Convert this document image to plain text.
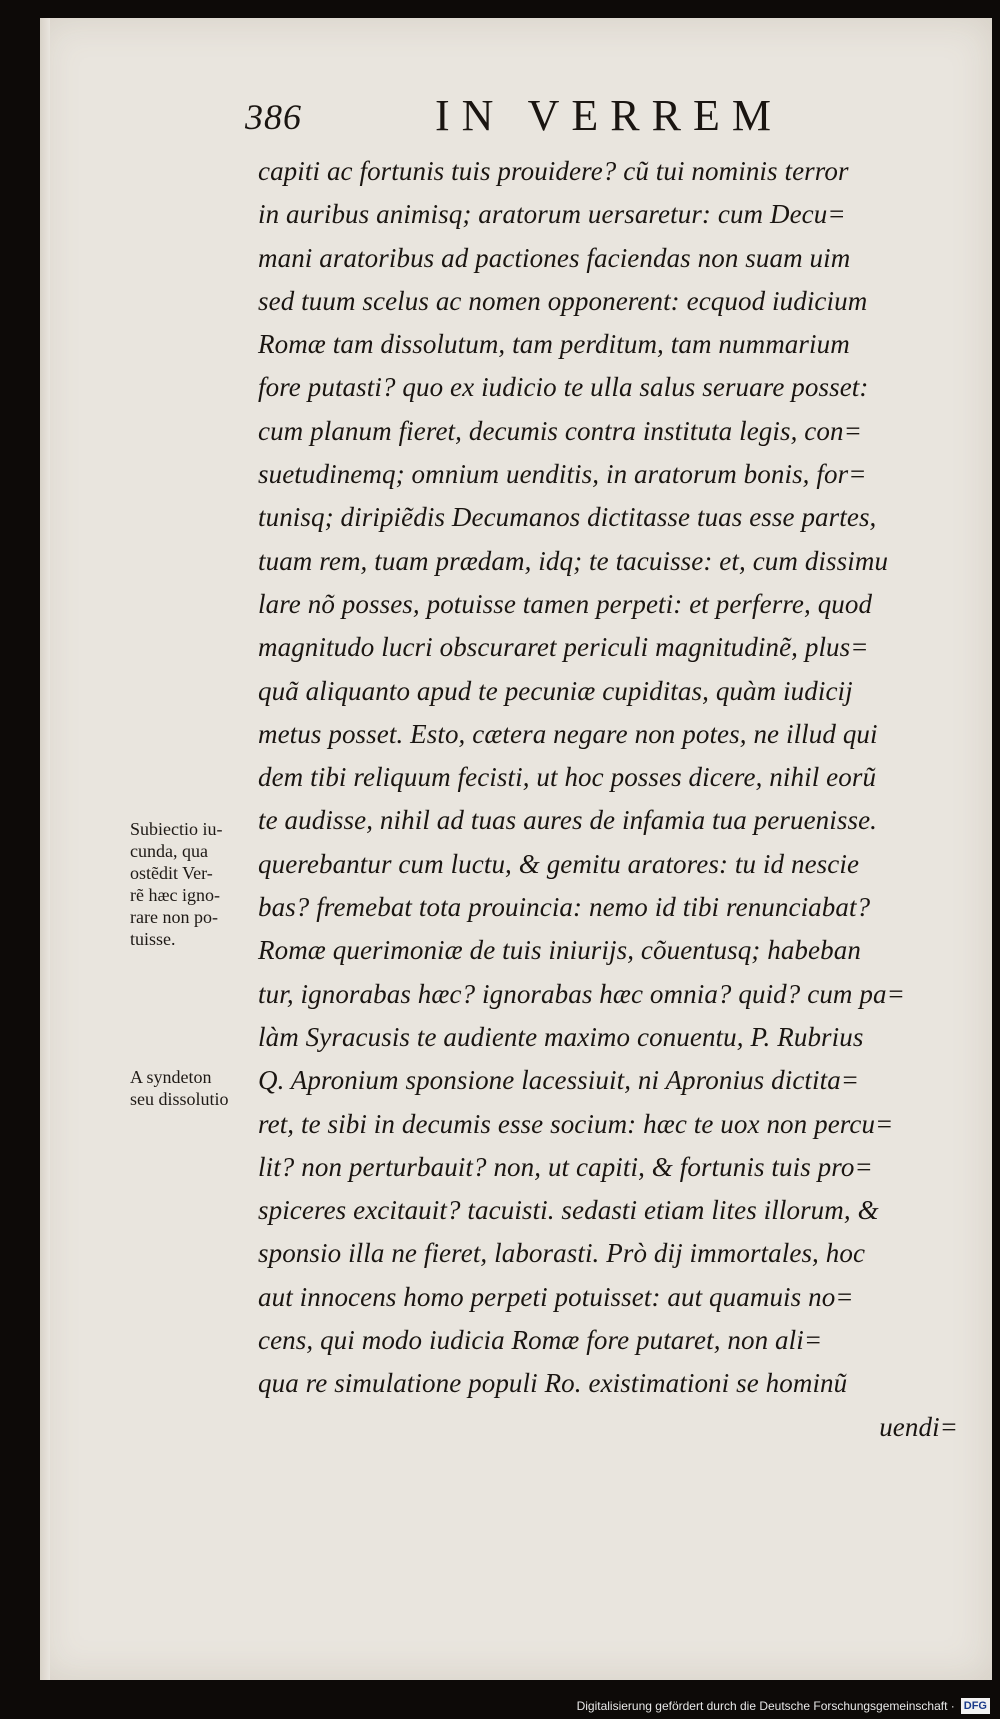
386	IN VERREM
capiti ac fortunis tuis prouidere? cũ tui nominis terror
in auribus animisq; aratorum uersaretur: cum Decu=
mani aratoribus ad pactiones faciendas non suam uim
sed tuum scelus ac nomen opponerent: ecquod iudicium
Romæ tam dissolutum, tam perditum, tam nummarium
fore putasti? quo ex iudicio te ulla salus seruare posset:
cum planum fieret, decumis contra instituta legis, con=
suetudinemq; omnium uenditis, in aratorum bonis, for=
tunisq; diripiẽdis Decumanos dictitasse tuas esse partes,
tuam rem, tuam prædam, idq; te tacuisse: et, cum dissimu
lare nõ posses, potuisse tamen perpeti: et perferre, quod
magnitudo lucri obscuraret periculi magnitudinẽ, plus=
quã aliquanto apud te pecuniæ cupiditas, quàm iudicij
metus posset. Esto, cætera negare non potes, ne illud qui
dem tibi reliquum fecisti, ut hoc posses dicere, nihil eorũ
te audisse, nihil ad tuas aures de infamia tua peruenisse.
querebantur cum luctu, & gemitu aratores: tu id nescie
bas? fremebat tota prouincia: nemo id tibi renunciabat?
Romæ querimoniæ de tuis iniurijs, cõuentusq; habeban
tur, ignorabas hæc? ignorabas hæc omnia? quid? cum pa=
làm Syracusis te audiente maximo conuentu, P. Rubrius
Q. Apronium sponsione lacessiuit, ni Apronius dictita=
ret, te sibi in decumis esse socium: hæc te uox non percu=
lit? non perturbauit? non, ut capiti, & fortunis tuis pro=
spiceres excitauit? tacuisti. sedasti etiam lites illorum, &
sponsio illa ne fieret, laborasti. Prò dij immortales, hoc
aut innocens homo perpeti potuisset: aut quamuis no=
cens, qui modo iudicia Romæ fore putaret, non ali=
qua re simulatione populi Ro. existimationi se hominũ
uendi=
Subiectio iu-
cunda, qua
ostẽdit Ver-
rẽ hæc igno-
rare non po-
tuisse.
A syndeton
seu dissolutio
Digitalisierung gefördert durch die Deutsche Forschungsgemeinschaft · DFG
